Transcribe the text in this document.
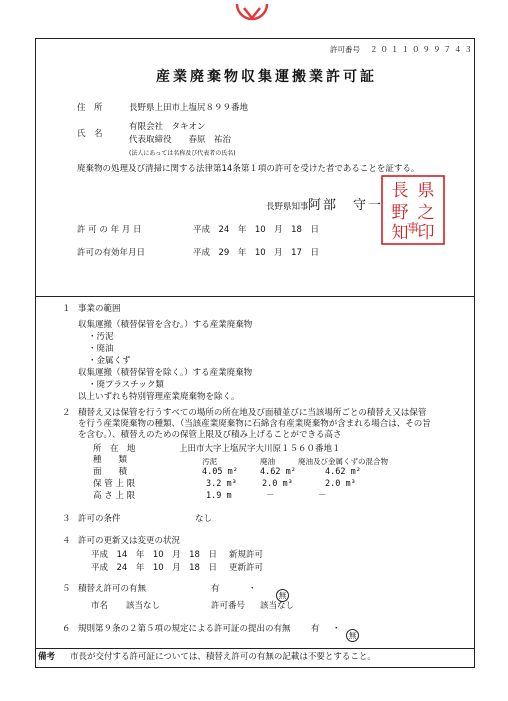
許可番号 ２０１１０９９７４３
産業廃棄物収集運搬業許可証
住　所	長野県上田市上塩尻８９９番地
氏　名
有限会社　タキオン
代表取締役　　春原　祐治
(法人にあっては名称及び代表者の氏名)
廃棄物の処理及び清掃に関する法律第14条第１項の許可を受けた者であることを証する。
長野県知事 阿部　守一
県
長
之
野
印
知
事
許 可 の 年 月 日	平成　24　年　10　月　18　日
許可の有効年月日	平成　29　年　10　月　17　日
１ 事業の範囲
収集運搬（積替保管を含む。）する産業廃棄物
・汚泥
・廃油
・金属くず
収集運搬（積替保管を除く。）する産業廃棄物
・廃プラスチック類
以上いずれも特別管理産業廃棄物を除く。
２ 積替え又は保管を行うすべての場所の所在地及び面積並びに当該場所ごとの積替え又は保管
を行う産業廃棄物の種類、（当該産業廃棄物に石綿含有産業廃棄物が含まれる場合は、その旨
を含む。）、積替えのための保管上限及び積み上げることができる高さ
所　在　地	上田市大字上塩尻字大川原１５６０番地１
種　　類	汚泥	廃油	廃油及び金属くずの混合物
面　　積	4.05 m²	4.62 m²	4.62 m²
保 管 上 限	3.2 m³	2.0 m³	2.0 m³
高 さ 上 限	1.9 m	－	－
３ 許可の条件	なし
４ 許可の更新又は変更の状況
平成　14　年　10　月　18　日 新規許可
平成　24　年　10　月　18　日 更新許可
５ 積替え許可の有無	有	・
無
市名 該当なし	許可番号 該当なし
６ 規則第９条の２第５項の規定による許可証の提出の有無 有 ・
無
備考 市長が交付する許可証については、積替え許可の有無の記載は不要とすること。
